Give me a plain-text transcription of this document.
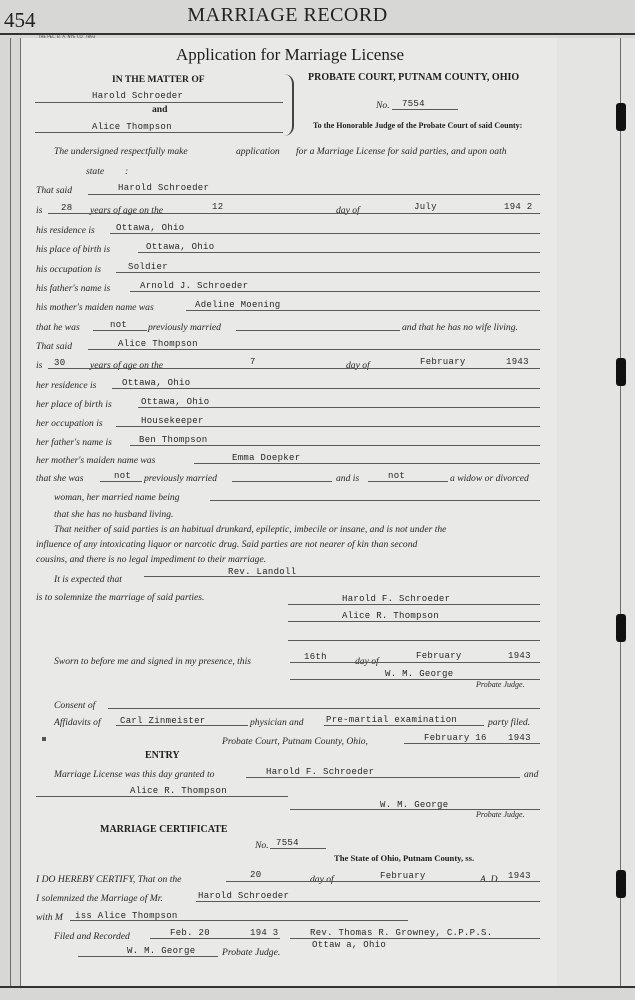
454	MARRIAGE RECORD
THE PEL. B. A. NYE CO. 7893
Application for Marriage License
IN THE MATTER OF	PROBATE COURT, PUTNAM COUNTY, OHIO
Harold Schroeder
and
Alice Thompson
No. 7554
To the Honorable Judge of the Probate Court of said County:
The undersigned respectfully make	application for a Marriage License for said parties, and upon oath
state :
That said	Harold Schroeder
is 28 years of age on the	12	day of	July	194 2
his residence is Ottawa, Ohio
his place of birth is	Ottawa, Ohio
his occupation is	Soldier
his father's name is	Arnold J. Schroeder
his mother's maiden name was	Adeline Moening
that he was	not previously married	and that he has no wife living.
That said	Alice Thompson
is 30	years of age on the	7	day of	February	1943
her residence is	Ottawa, Ohio
her place of birth is	Ottawa, Ohio
her occupation is	Housekeeper
her father's name is	Ben Thompson
her mother's maiden name was	Emma Doepker
that she was	not previously married	and is	not	a widow or divorced
woman, her married name being
that she has no husband living.
That neither of said parties is an habitual drunkard, epileptic, imbecile or insane, and is not under the
influence of any intoxicating liquor or narcotic drug. Said parties are not nearer of kin than second
cousins, and there is no legal impediment to their marriage.
It is expected that
Rev. Landoll
is to solemnize the marriage of said parties.	Harold F. Schroeder
Alice R. Thompson
Sworn to before me and signed in my presence, this	16th	day of	February	1943
W. M. George
Probate Judge.
Consent of
Affidavits of Carl Zinmeister	physician and Pre-martial examination	party filed.
Probate Court, Putnam County, Ohio,	February 16 1943
ENTRY
Marriage License was this day granted to	Harold F. Schroeder	and
Alice R. Thompson
W. M. George
Probate Judge.
MARRIAGE CERTIFICATE
No. 7554
The State of Ohio, Putnam County, ss.
I DO HEREBY CERTIFY, That on the	20	day of	February	A. D. 1943
I solemnized the Marriage of Mr.	Harold Schroeder
with M iss Alice Thompson
Filed and Recorded	Feb. 20	194 3	Rev. Thomas R. Growney, C.P.P.S.
Ottaw a, Ohio
W. M. George	Probate Judge.
